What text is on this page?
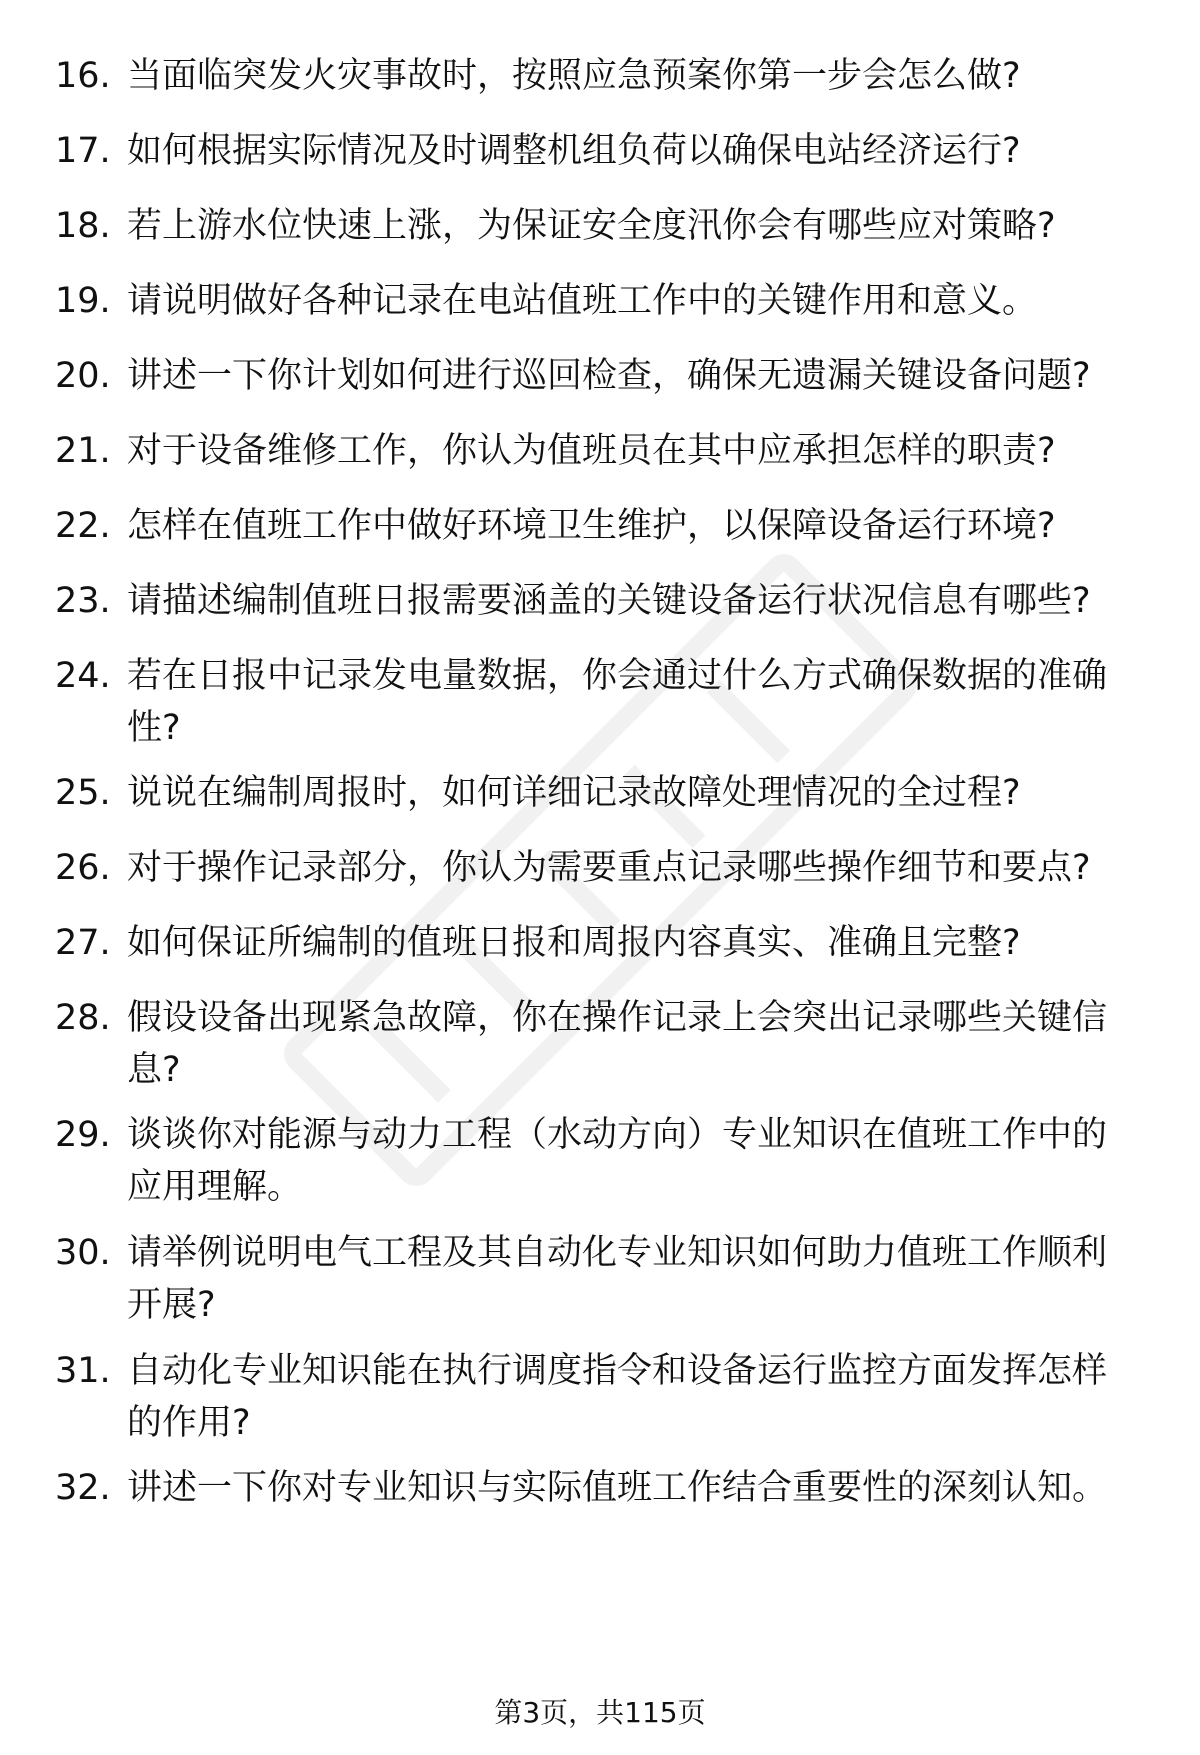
16. 当面临突发火灾事故时，按照应急预案你第一步会怎么做?
17. 如何根据实际情况及时调整机组负荷以确保电站经济运行?
18. 若上游水位快速上涨，为保证安全度汛你会有哪些应对策略?
19. 请说明做好各种记录在电站值班工作中的关键作用和意义。
20. 讲述一下你计划如何进行巡回检查，确保无遗漏关键设备问题?
21. 对于设备维修工作，你认为值班员在其中应承担怎样的职责?
22. 怎样在值班工作中做好环境卫生维护，以保障设备运行环境?
23. 请描述编制值班日报需要涵盖的关键设备运行状况信息有哪些?
24. 若在日报中记录发电量数据，你会通过什么方式确保数据的准确性?
25. 说说在编制周报时，如何详细记录故障处理情况的全过程?
26. 对于操作记录部分，你认为需要重点记录哪些操作细节和要点?
27. 如何保证所编制的值班日报和周报内容真实、准确且完整?
28. 假设设备出现紧急故障，你在操作记录上会突出记录哪些关键信息?
29. 谈谈你对能源与动力工程（水动方向）专业知识在值班工作中的应用理解。
30. 请举例说明电气工程及其自动化专业知识如何助力值班工作顺利开展?
31. 自动化专业知识能在执行调度指令和设备运行监控方面发挥怎样的作用?
32. 讲述一下你对专业知识与实际值班工作结合重要性的深刻认知。
第3页，共115页
